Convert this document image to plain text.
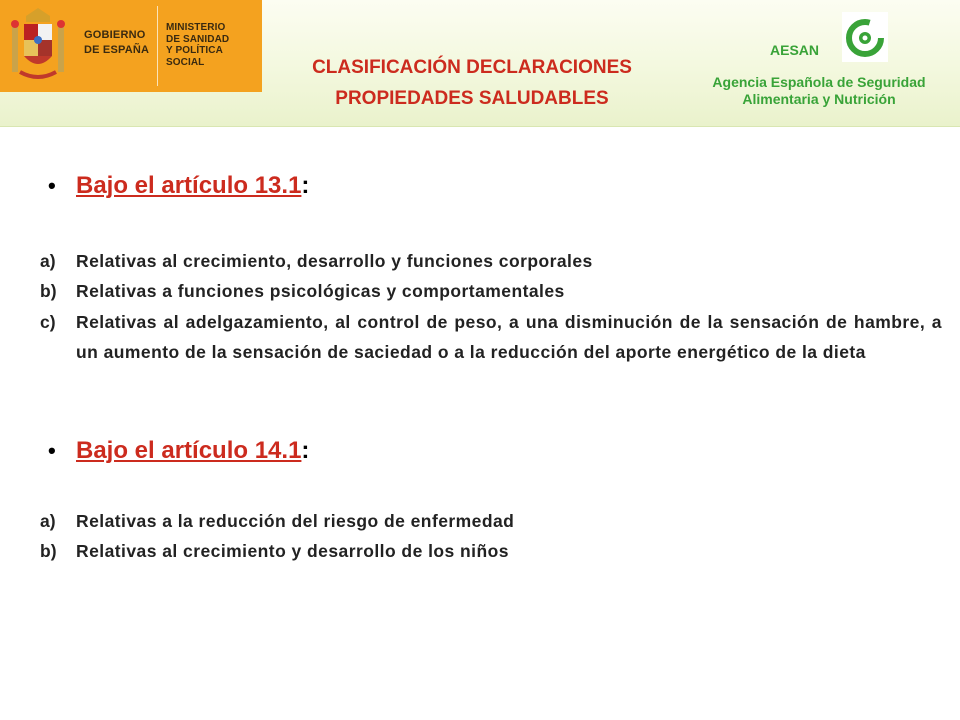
GOBIERNO
DE ESPAÑA
MINISTERIO
DE SANIDAD
Y POLÍTICA SOCIAL	CLASIFICACIÓN DECLARACIONES
PROPIEDADES SALUDABLES
AESAN
Agencia Española de Seguridad
Alimentaria y Nutrición
• Bajo el artículo 13.1 :
a)	Relativas al crecimiento, desarrollo y funciones corporales
b)	Relativas a funciones psicológicas y comportamentales
c)	Relativas al adelgazamiento, al control de peso, a una disminución de la sensación de hambre, a un aumento de la sensación de saciedad o a la reducción del aporte energético de la dieta
• Bajo el artículo 14.1 :
a)	Relativas a la reducción del riesgo de enfermedad
b)	Relativas al crecimiento y desarrollo de los niños
